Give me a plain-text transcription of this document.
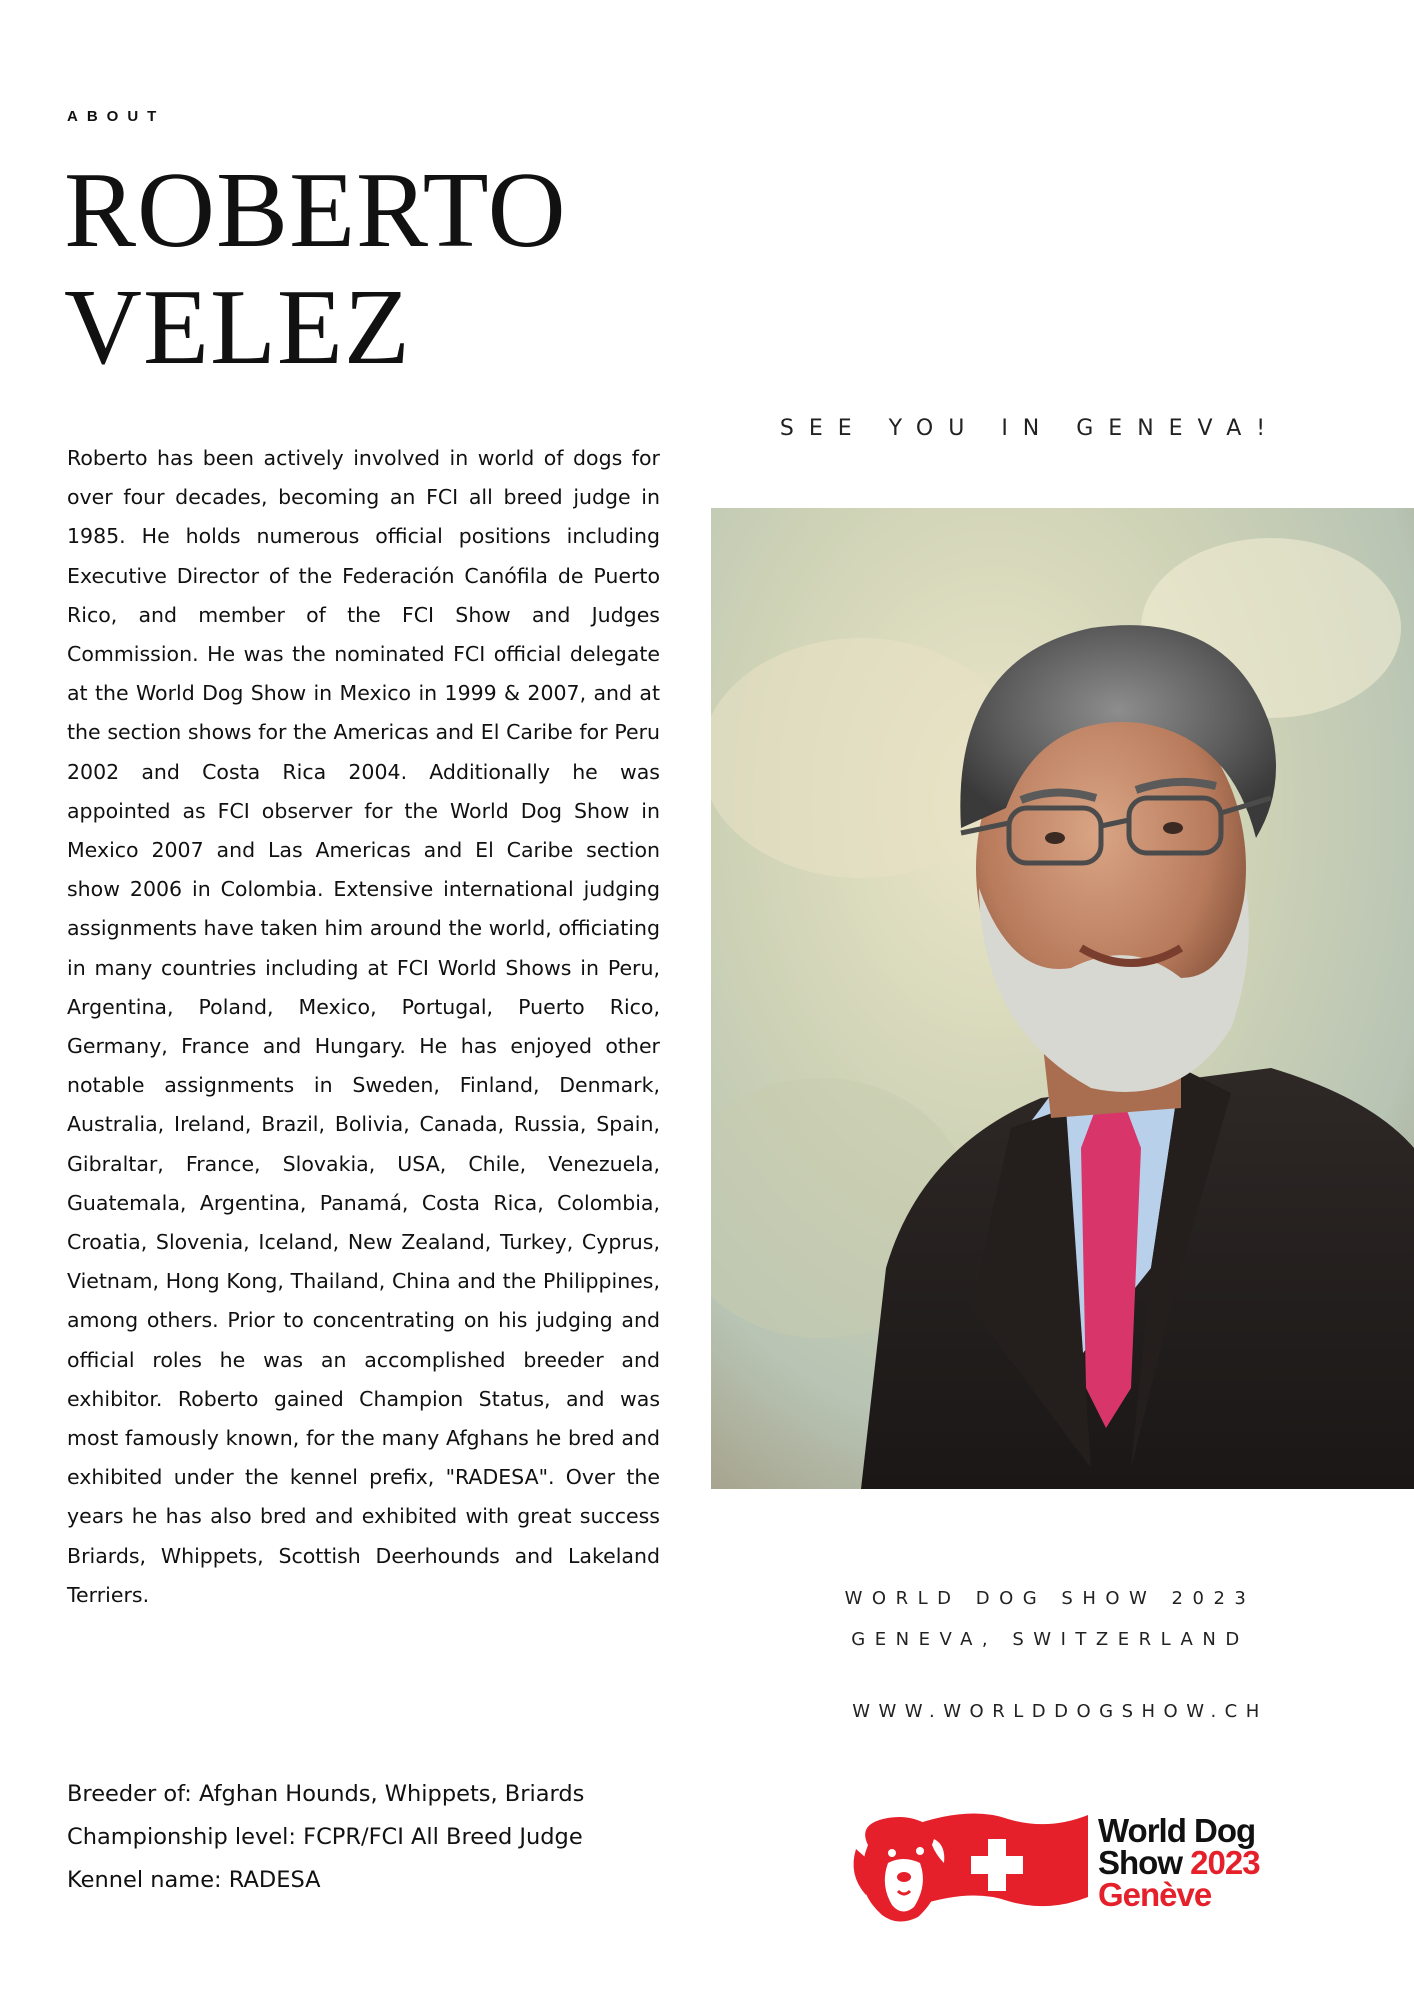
ABOUT
ROBERTO
VELEZ

Roberto has been actively involved in world of dogs for over four decades, becoming an FCI all breed judge in 1985. He holds numerous official positions including Executive Director of the Federación Canófila de Puerto Rico, and member of the FCI Show and Judges Commission. He was the nominated FCI official delegate at the World Dog Show in Mexico in 1999 & 2007, and at the section shows for the Americas and El Caribe for Peru 2002 and Costa Rica 2004. Additionally he was appointed as FCI observer for the World Dog Show in Mexico 2007 and Las Americas and El Caribe section show 2006 in Colombia. Extensive international judging assignments have taken him around the world, officiating in many countries including at FCI World Shows in Peru, Argentina, Poland, Mexico, Portugal, Puerto Rico, Germany, France and Hungary. He has enjoyed other notable assignments in Sweden, Finland, Denmark, Australia, Ireland, Brazil, Bolivia, Canada, Russia, Spain, Gibraltar, France, Slovakia, USA, Chile, Venezuela, Guatemala, Argentina, Panamá, Costa Rica, Colombia, Croatia, Slovenia, Iceland, New Zealand, Turkey, Cyprus, Vietnam, Hong Kong, Thailand, China and the Philippines, among others. Prior to concentrating on his judging and official roles he was an accomplished breeder and exhibitor. Roberto gained Champion Status, and was most famously known, for the many Afghans he bred and exhibited under the kennel prefix, "RADESA". Over the years he has also bred and exhibited with great success Briards, Whippets, Scottish Deerhounds and Lakeland Terriers.

Breeder of: Afghan Hounds, Whippets, Briards
Championship level: FCPR/FCI All Breed Judge
Kennel name: RADESA
SEE YOU IN GENEVA!
WORLD DOG SHOW 2023
GENEVA, SWITZERLAND
WWW.WORLDDOGSHOW.CH
World Dog
Show 2023
Genève
